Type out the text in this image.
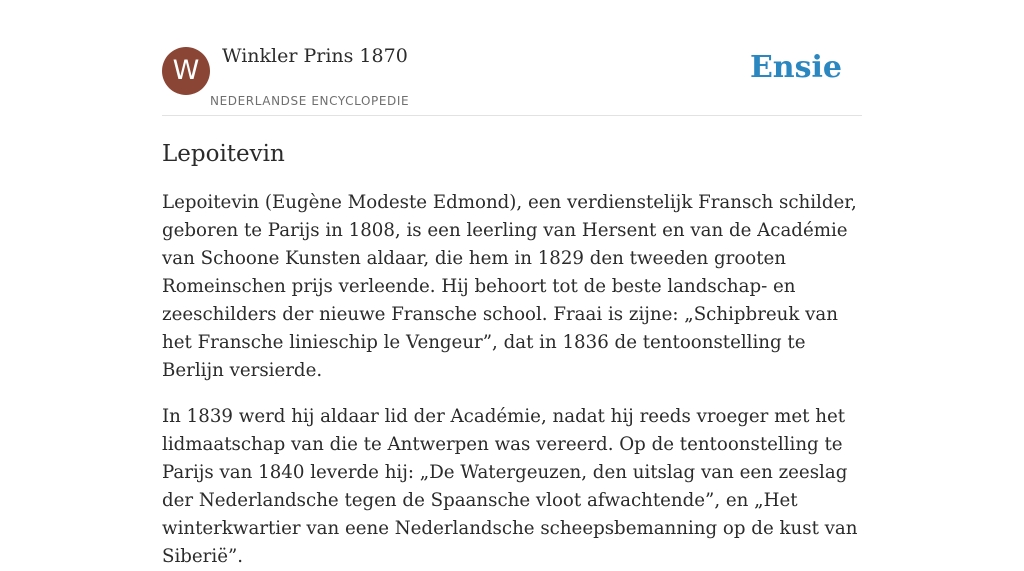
W	Winkler Prins 1870
NEDERLANDSE ENCYCLOPEDIE
Ensie
Lepoitevin

Lepoitevin (Eugène Modeste Edmond), een verdienstelijk Fransch schilder, geboren te Parijs in 1808, is een leerling van Hersent en van de Académie van Schoone Kunsten aldaar, die hem in 1829 den tweeden grooten Romeinschen prijs verleende. Hij behoort tot de beste landschap- en zeeschilders der nieuwe Fransche school. Fraai is zijne: „Schipbreuk van het Fransche linieschip le Vengeur”, dat in 1836 de tentoonstelling te Berlijn versierde.

In 1839 werd hij aldaar lid der Académie, nadat hij reeds vroeger met het lidmaatschap van die te Antwerpen was vereerd. Op de tentoonstelling te Parijs van 1840 leverde hij: „De Watergeuzen, den uitslag van een zeeslag der Nederlandsche tegen de Spaansche vloot afwachtende”, en „Het winterkwartier van eene Nederlandsche scheepsbemanning op de kust van Siberië”.
